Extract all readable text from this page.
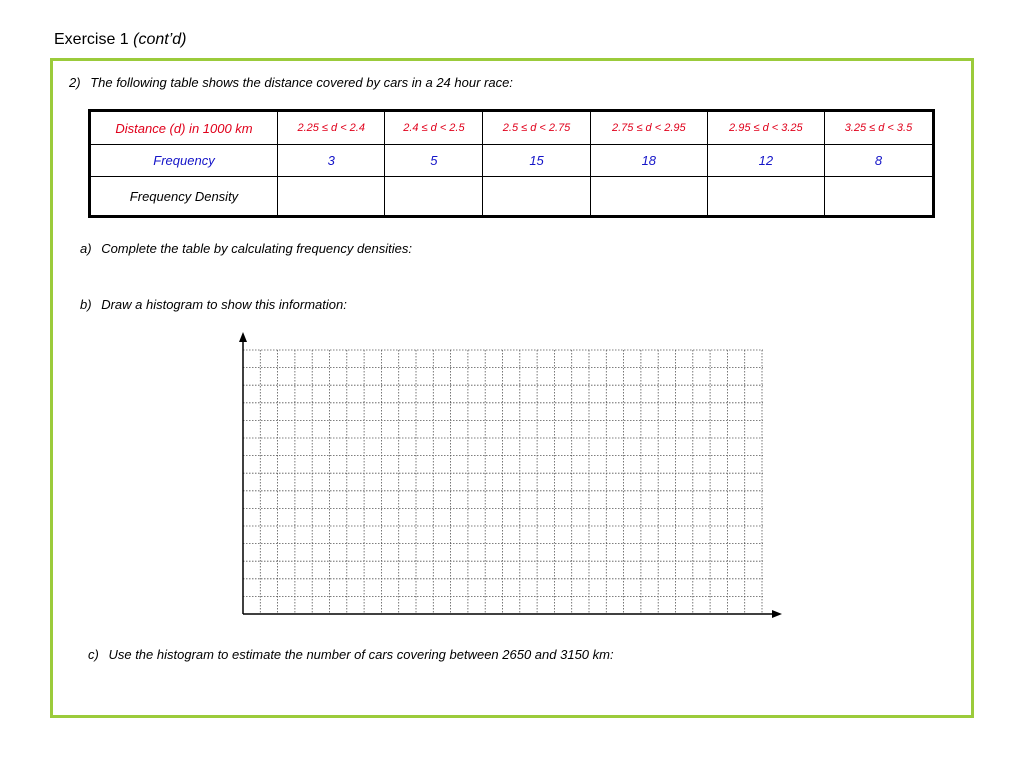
Exercise 1 (cont’d)
2) The following table shows the distance covered by cars in a 24 hour race:
Distance (d) in 1000 km	2.25 ≤ d < 2.4	2.4 ≤ d < 2.5	2.5 ≤ d < 2.75	2.75 ≤ d < 2.95	2.95 ≤ d < 3.25	3.25 ≤ d < 3.5
Frequency	3	5	15	18	12	8
Frequency Density						
a) Complete the table by calculating frequency densities:
b) Draw a histogram to show this information:
c) Use the histogram to estimate the number of cars covering between 2650 and 3150 km:
